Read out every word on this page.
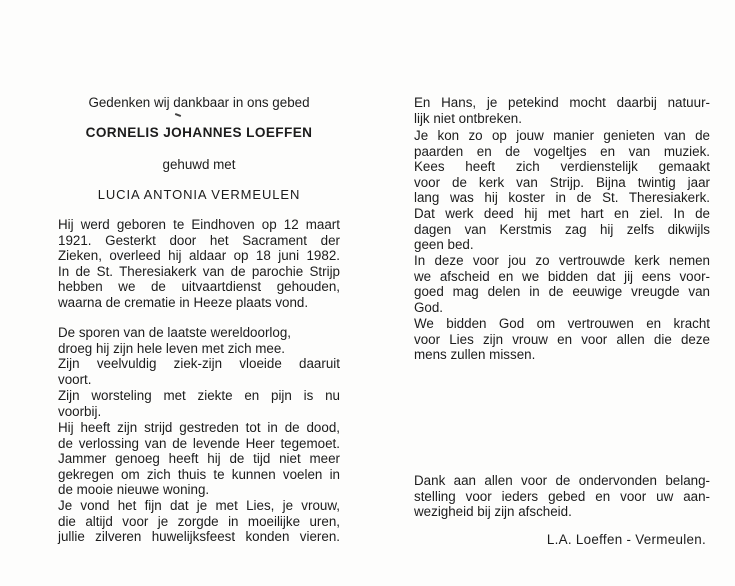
Gedenken wij dankbaar in ons gebed
CORNELIS JOHANNES LOEFFEN
gehuwd met
LUCIA ANTONIA VERMEULEN
Hij werd geboren te Eindhoven op 12 maart
1921. Gesterkt door het Sacrament der
Zieken, overleed hij aldaar op 18 juni 1982.
In de St. Theresiakerk van de parochie Strijp
hebben we de uitvaartdienst gehouden,
waarna de crematie in Heeze plaats vond.
De sporen van de laatste wereldoorlog,
droeg hij zijn hele leven met zich mee.
Zijn veelvuldig ziek-zijn vloeide daaruit
voort.
Zijn worsteling met ziekte en pijn is nu
voorbij.
Hij heeft zijn strijd gestreden tot in de dood,
de verlossing van de levende Heer tegemoet.
Jammer genoeg heeft hij de tijd niet meer
gekregen om zich thuis te kunnen voelen in
de mooie nieuwe woning.
Je vond het fijn dat je met Lies, je vrouw,
die altijd voor je zorgde in moeilijke uren,
jullie zilveren huwelijksfeest konden vieren.
En Hans, je petekind mocht daarbij natuur-
lijk niet ontbreken.
Je kon zo op jouw manier genieten van de
paarden en de vogeltjes en van muziek.
Kees heeft zich verdienstelijk gemaakt
voor de kerk van Strijp. Bijna twintig jaar
lang was hij koster in de St. Theresiakerk.
Dat werk deed hij met hart en ziel. In de
dagen van Kerstmis zag hij zelfs dikwijls
geen bed.
In deze voor jou zo vertrouwde kerk nemen
we afscheid en we bidden dat jij eens voor-
goed mag delen in de eeuwige vreugde van
God.
We bidden God om vertrouwen en kracht
voor Lies zijn vrouw en voor allen die deze
mens zullen missen.
Dank aan allen voor de ondervonden belang-
stelling voor ieders gebed en voor uw aan-
wezigheid bij zijn afscheid.
L.A. Loeffen - Vermeulen.
